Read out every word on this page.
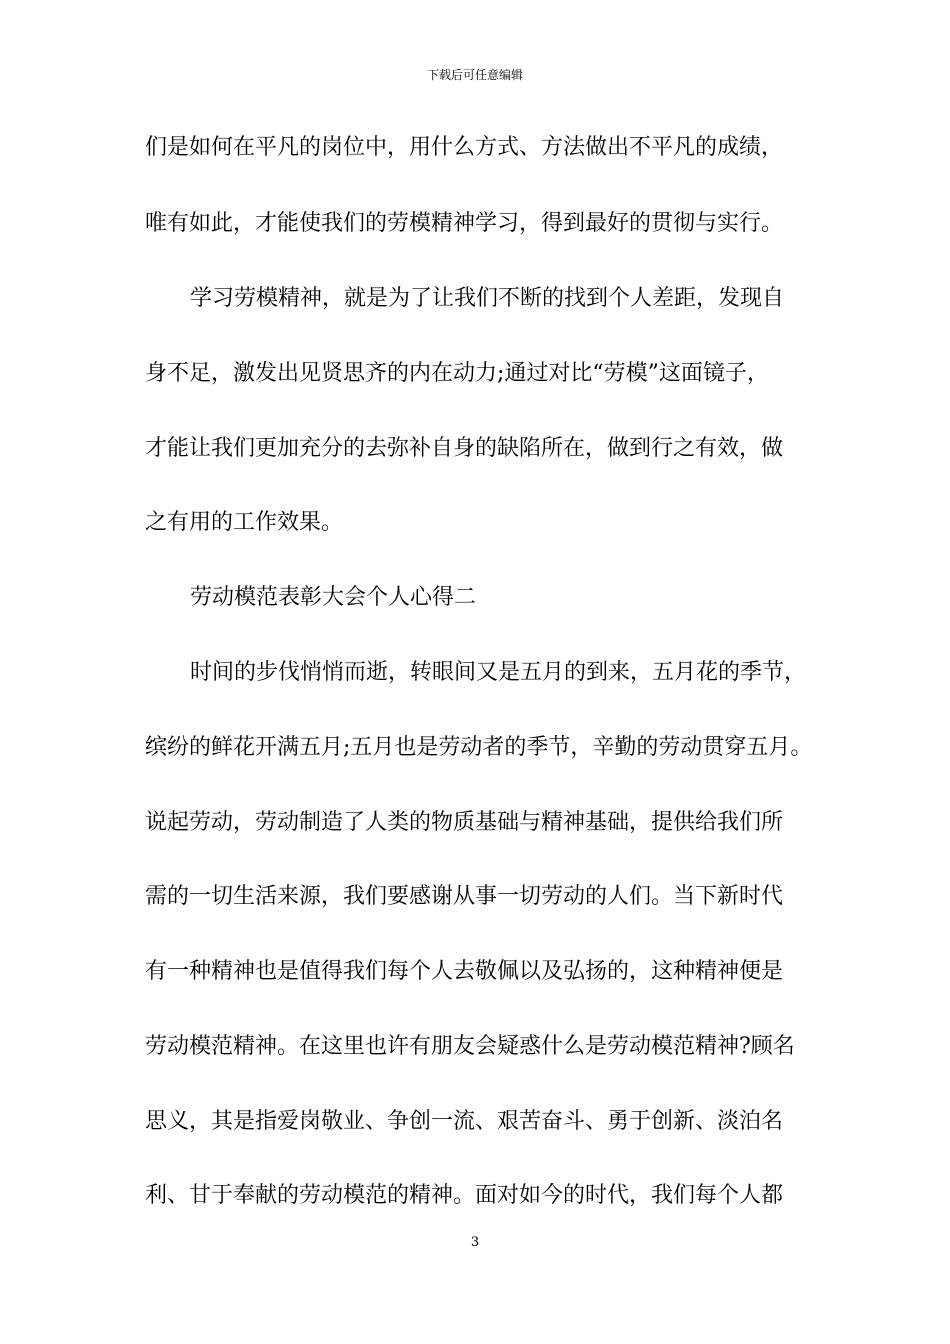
下载后可任意编辑
们是如何在平凡的岗位中，用什么方式、方法做出不平凡的成绩，
唯有如此，才能使我们的劳模精神学习，得到最好的贯彻与实行。
学习劳模精神，就是为了让我们不断的找到个人差距，发现自
身不足，激发出见贤思齐的内在动力;通过对比“劳模”这面镜子，
才能让我们更加充分的去弥补自身的缺陷所在，做到行之有效，做
之有用的工作效果。
劳动模范表彰大会个人心得二
时间的步伐悄悄而逝，转眼间又是五月的到来，五月花的季节，
缤纷的鲜花开满五月;五月也是劳动者的季节，辛勤的劳动贯穿五月。
说起劳动，劳动制造了人类的物质基础与精神基础，提供给我们所
需的一切生活来源，我们要感谢从事一切劳动的人们。当下新时代
有一种精神也是值得我们每个人去敬佩以及弘扬的，这种精神便是
劳动模范精神。在这里也许有朋友会疑惑什么是劳动模范精神?顾名
思义，其是指爱岗敬业、争创一流、艰苦奋斗、勇于创新、淡泊名
利、甘于奉献的劳动模范的精神。面对如今的时代，我们每个人都
3
